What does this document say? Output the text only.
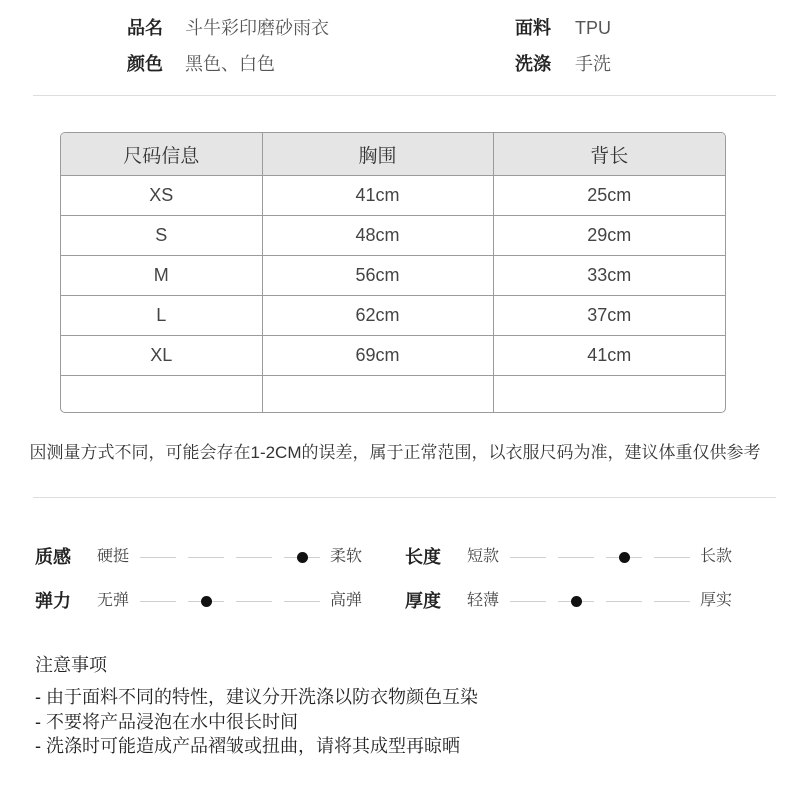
品名 斗牛彩印磨砂雨衣	面料 TPU
颜色 黑色、白色	洗涤 手洗
尺码信息	胸围	背长
XS	41cm	25cm
S	48cm	29cm
M	56cm	33cm
L	62cm	37cm
XL	69cm	41cm

因测量方式不同，可能会存在1-2CM的误差，属于正常范围，以衣服尺码为准，建议体重仅供参考
质感 硬挺	柔软 长度 短款	长款
弹力 无弹	高弹 厚度 轻薄	厚实
注意事项
- 由于面料不同的特性，建议分开洗涤以防衣物颜色互染
- 不要将产品浸泡在水中很长时间
- 洗涤时可能造成产品褶皱或扭曲，请将其成型再晾晒
